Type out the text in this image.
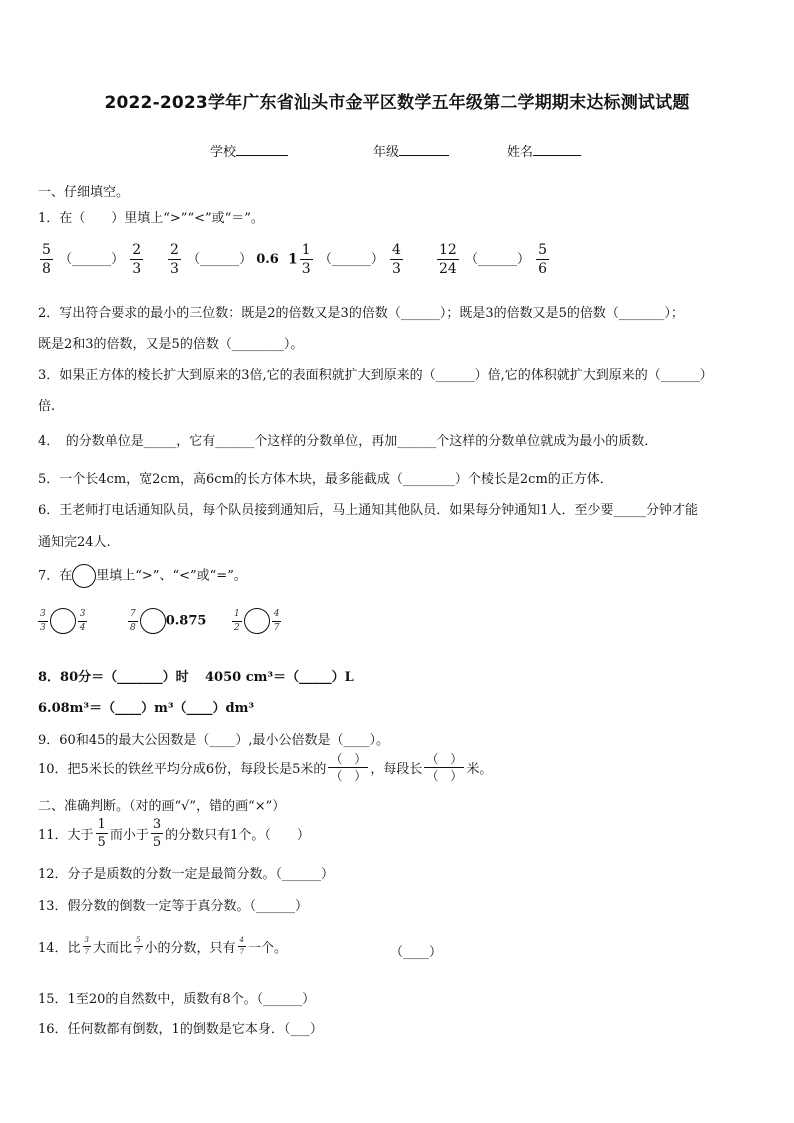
2022-2023学年广东省汕头市金平区数学五年级第二学期期末达标测试试题
学校	年级	姓名
一、仔细填空。
1．在（　　）里填上“>”“<”或“＝”。
$\frac{5}{8}$ （______） $\frac{2}{3} \frac{2}{3}$ （______） 0.6 $1 \frac{1}{3}$ （______） $\frac{4}{3} \frac{12}{24}$ （______） $\frac{5}{6}$
2．写出符合要求的最小的三位数：既是2的倍数又是3的倍数（______）；既是3的倍数又是5的倍数（_______）；
既是2和3的倍数，又是5的倍数（________）。
3．如果正方体的棱长扩大到原来的3倍,它的表面积就扩大到原来的（______）倍,它的体积就扩大到原来的（______）
倍.
4．　的分数单位是_____，它有______个这样的分数单位，再加______个这样的分数单位就成为最小的质数．
5．一个长4cm，宽2cm，高6cm的长方体木块，最多能截成（________）个棱长是2cm的正方体．
6．王老师打电话通知队员，每个队员接到通知后，马上通知其他队员．如果每分钟通知1人．至少要_____分钟才能
通知完24人.
7．在 里填上“>”、“<”或“=”。
$\frac{3}{3}$	$\frac{3}{4}$	$\frac{7}{8} 0.875$	$\frac{1}{2}$	$\frac{4}{7}$
8．80分＝（_______）时 4050 cm³＝（_____）L
6.08m³＝（____）m³（____）dm³
9．60和45的最大公因数是（____）,最小公倍数是（____）。
10．把5米长的铁丝平均分成6份，每段长是5米的 $\frac{( )}{( )}$ ，每段长 $\frac{( )}{( )}$ 米。
二、准确判断。（对的画“√”，错的画“×”）
11．大于 $\frac{1}{5}$ 而小于 $\frac{3}{5}$ 的分数只有1个。（　　）
12．分子是质数的分数一定是最简分数。（______）
13．假分数的倒数一定等于真分数。（______）
14．比 $\frac{3}{7}$ 大而比 $\frac{5}{7}$ 小的分数，只有 $\frac{4}{7}$ 一个。	（____）
15．1至20的自然数中，质数有8个。（______）
16．任何数都有倒数，1的倒数是它本身．（___）
